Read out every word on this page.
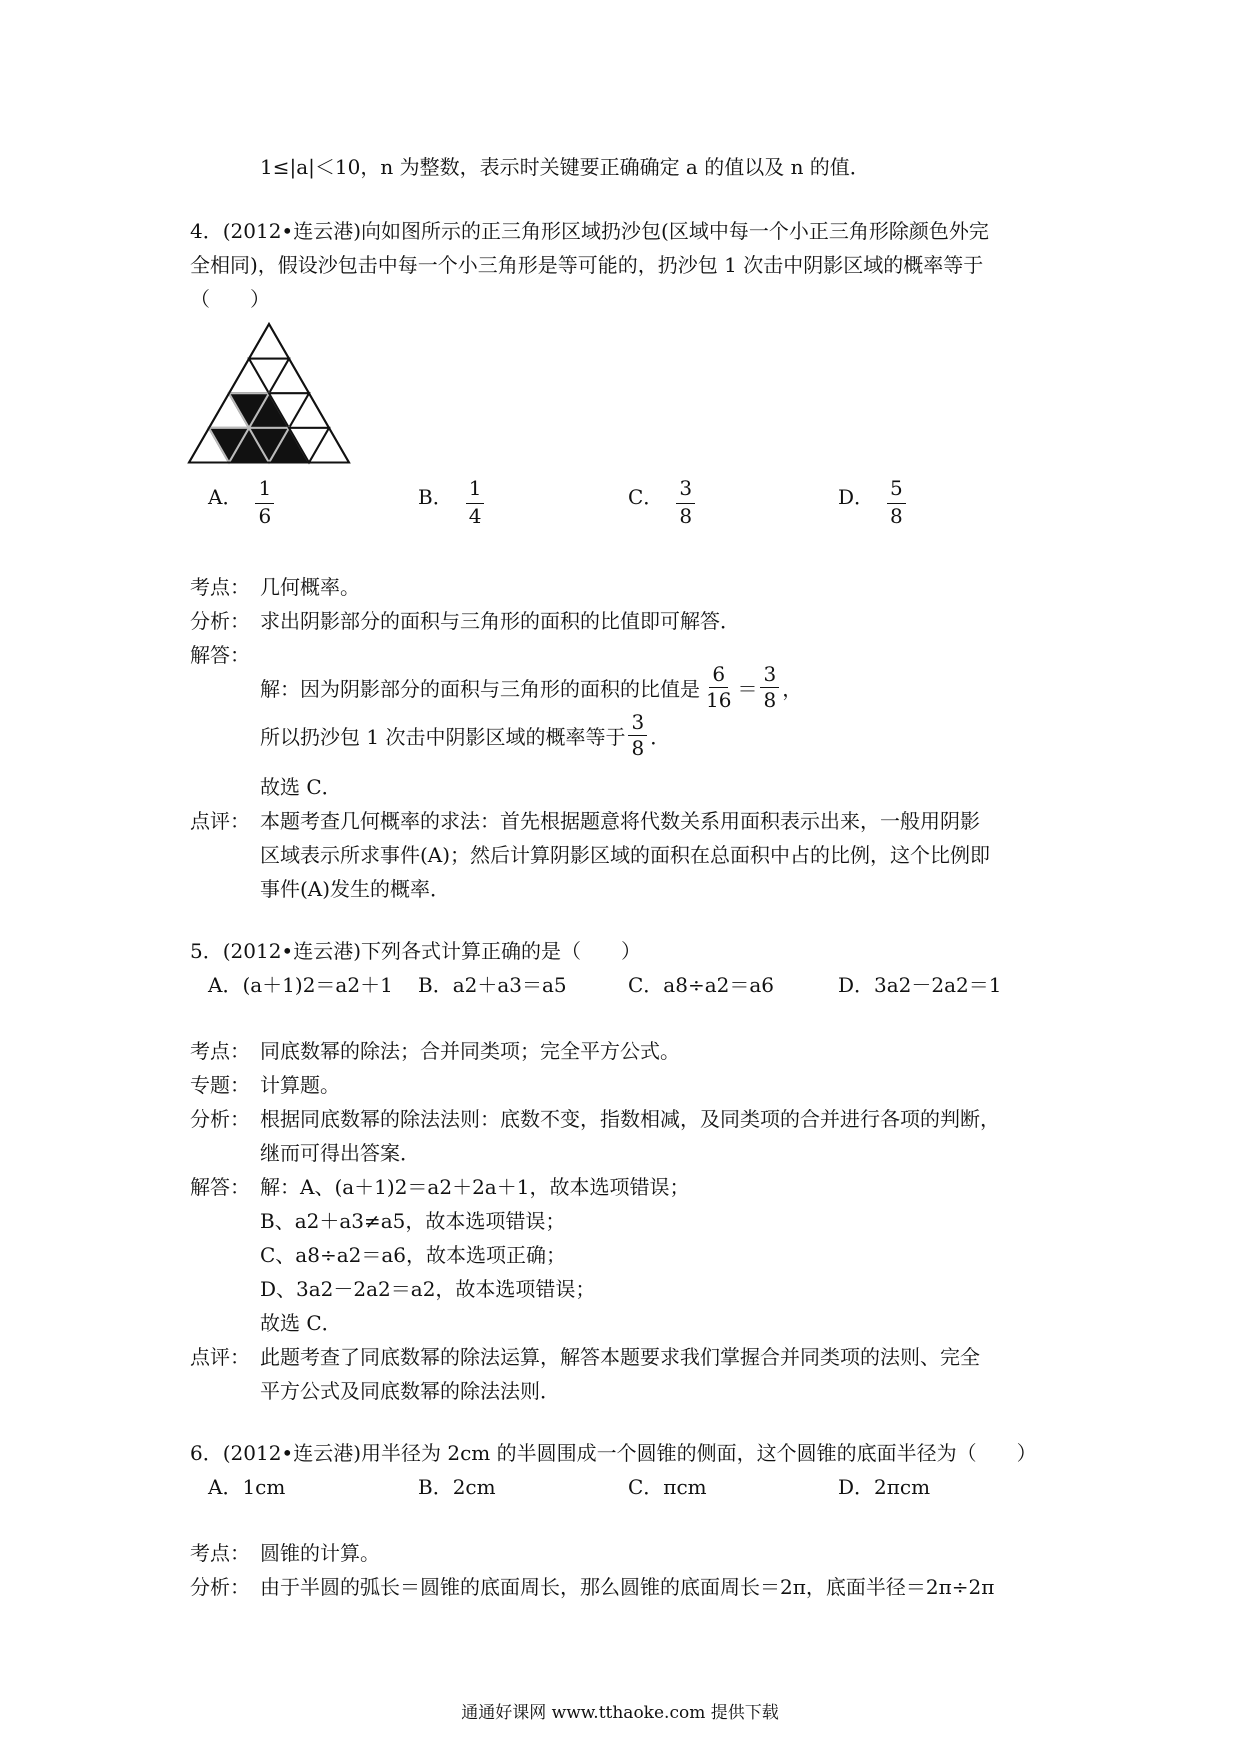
1≤|a|＜10，n 为整数，表示时关键要正确确定 a 的值以及 n 的值．
4．(2012•连云港)向如图所示的正三角形区域扔沙包(区域中每一个小正三角形除颜色外完
全相同)，假设沙包击中每一个小三角形是等可能的，扔沙包 1 次击中阴影区域的概率等于
（　　）
A． $\frac{1}{6}$	B． $\frac{1}{4}$	C． $\frac{3}{8}$	D． $\frac{5}{8}$
考点： 几何概率。
分析： 求出阴影部分的面积与三角形的面积的比值即可解答．
解答：
解：因为阴影部分的面积与三角形的面积的比值是 $\frac{6}{16} = \frac{3}{8}$ ，
所以扔沙包 1 次击中阴影区域的概率等于 $\frac{3}{8}$ ．
故选 C．
点评： 本题考查几何概率的求法：首先根据题意将代数关系用面积表示出来，一般用阴影
区域表示所求事件(A)；然后计算阴影区域的面积在总面积中占的比例，这个比例即
事件(A)发生的概率．
5．(2012•连云港)下列各式计算正确的是（　　）
A．(a＋1)2＝a2＋1 B．a2＋a3＝a5	C．a8÷a2＝a6	D．3a2－2a2＝1
考点： 同底数幂的除法；合并同类项；完全平方公式。
专题： 计算题。
分析： 根据同底数幂的除法法则：底数不变，指数相减，及同类项的合并进行各项的判断，
继而可得出答案．
解答： 解：A、(a＋1)2＝a2＋2a＋1，故本选项错误；
B、a2＋a3≠a5，故本选项错误；
C、a8÷a2＝a6，故本选项正确；
D、3a2－2a2＝a2，故本选项错误；
故选 C．
点评： 此题考查了同底数幂的除法运算，解答本题要求我们掌握合并同类项的法则、完全
平方公式及同底数幂的除法法则．
6．(2012•连云港)用半径为 2cm 的半圆围成一个圆锥的侧面，这个圆锥的底面半径为（　　）
A．1cm	B．2cm	C．πcm	D．2πcm
考点： 圆锥的计算。
分析： 由于半圆的弧长＝圆锥的底面周长，那么圆锥的底面周长＝2π，底面半径＝2π÷2π
通通好课网 www.tthaoke.com 提供下载
